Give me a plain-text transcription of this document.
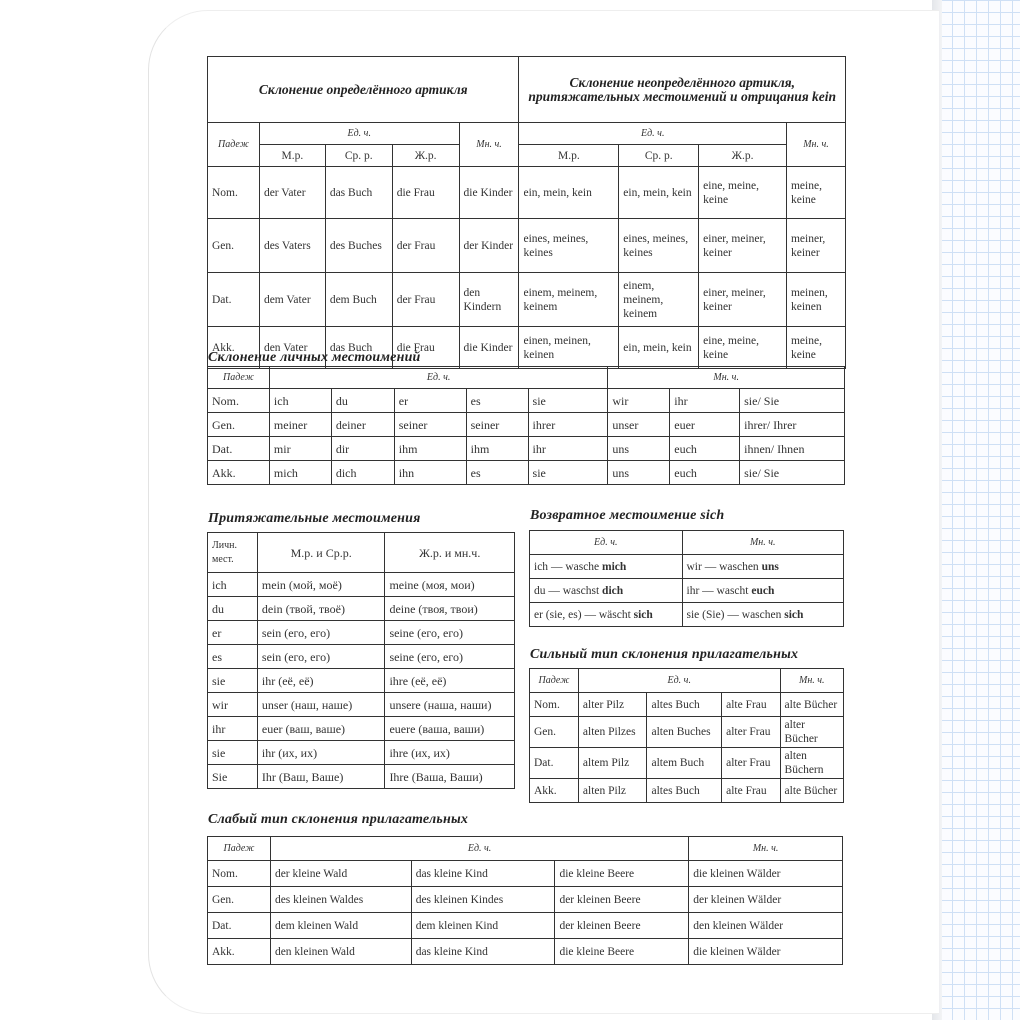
Склонение определённого артикля					Склонение неопределённого артикля, притяжательных местоимений и отрицания kein			
Падеж	Ед. ч.			Мн. ч.	Ед. ч.			Мн. ч.
	М.р.	Ср. р.	Ж.р.		М.р.	Ср. р.	Ж.р.	
Nom.	der Vater	das Buch	die Frau	die Kinder	ein, mein, kein	ein, mein, kein	eine, meine, keine	meine, keine
Gen.	des Vaters	des Buches	der Frau	der Kinder	eines, meines, keines	eines, meines, keines	einer, meiner, keiner	meiner, keiner
Dat.	dem Vater	dem Buch	der Frau	den Kindern	einem, meinem, keinem	einem, meinem, keinem	einer, meiner, keiner	meinen, keinen
Akk.	den Vater	das Buch	die Frau	die Kinder	einen, meinen, keinen	ein, mein, kein	eine, meine, keine	meine, keine
Склонение личных местоимений
Падеж	Ед. ч.					Мн. ч.		
Nom.	ich	du	er	es	sie	wir	ihr	sie/ Sie
Gen.	meiner	deiner	seiner	seiner	ihrer	unser	euer	ihrer/ Ihrer
Dat.	mir	dir	ihm	ihm	ihr	uns	euch	ihnen/ Ihnen
Akk.	mich	dich	ihn	es	sie	uns	euch	sie/ Sie
Притяжательные местоимения
Личн. мест.	М.р. и Ср.р.	Ж.р. и мн.ч.
ich	mein (мой, моё)	meine (моя, мои)
du	dein (твой, твоё)	deine (твоя, твои)
er	sein (его, его)	seine (его, его)
es	sein (его, его)	seine (его, его)
sie	ihr (её, её)	ihre (её, её)
wir	unser (наш, наше)	unsere (наша, наши)
ihr	euer (ваш, ваше)	euere (ваша, ваши)
sie	ihr (их, их)	ihre (их, их)
Sie	Ihr (Ваш, Ваше)	Ihre (Ваша, Ваши)
Возвратное местоимение sich
Ед. ч.	Мн. ч.
ich — wasche mich	wir — waschen uns
du — waschst dich	ihr — wascht euch
er (sie, es) — wäscht sich	sie (Sie) — waschen sich
Сильный тип склонения прилагательных
Падеж	Ед. ч.			Мн. ч.
Nom.	alter Pilz	altes Buch	alte Frau	alte Bücher
Gen.	alten Pilzes	alten Buches	alter Frau	alter Bücher
Dat.	altem Pilz	altem Buch	alter Frau	alten Büchern
Akk.	alten Pilz	altes Buch	alte Frau	alte Bücher
Слабый тип склонения прилагательных
Падеж	Ед. ч.			Мн. ч.
Nom.	der kleine Wald	das kleine Kind	die kleine Beere	die kleinen Wälder
Gen.	des kleinen Waldes	des kleinen Kindes	der kleinen Beere	der kleinen Wälder
Dat.	dem kleinen Wald	dem kleinen Kind	der kleinen Beere	den kleinen Wälder
Akk.	den kleinen Wald	das kleine Kind	die kleine Beere	die kleinen Wälder
